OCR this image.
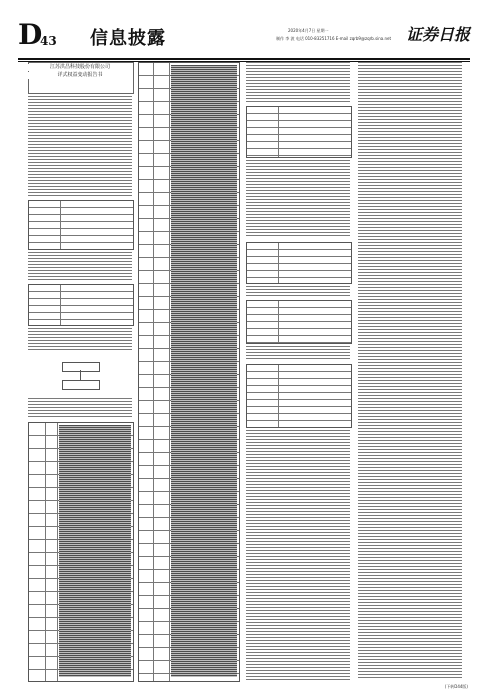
D
43 信息披露	2020年4月7日 星期一
制作 李 波 电话 010-83251716 E-mail zqrb9@zqrb.sina.net 证券日报
江苏洪昌科技股份有限公司
详式权益变动报告书
(下转D44版)
